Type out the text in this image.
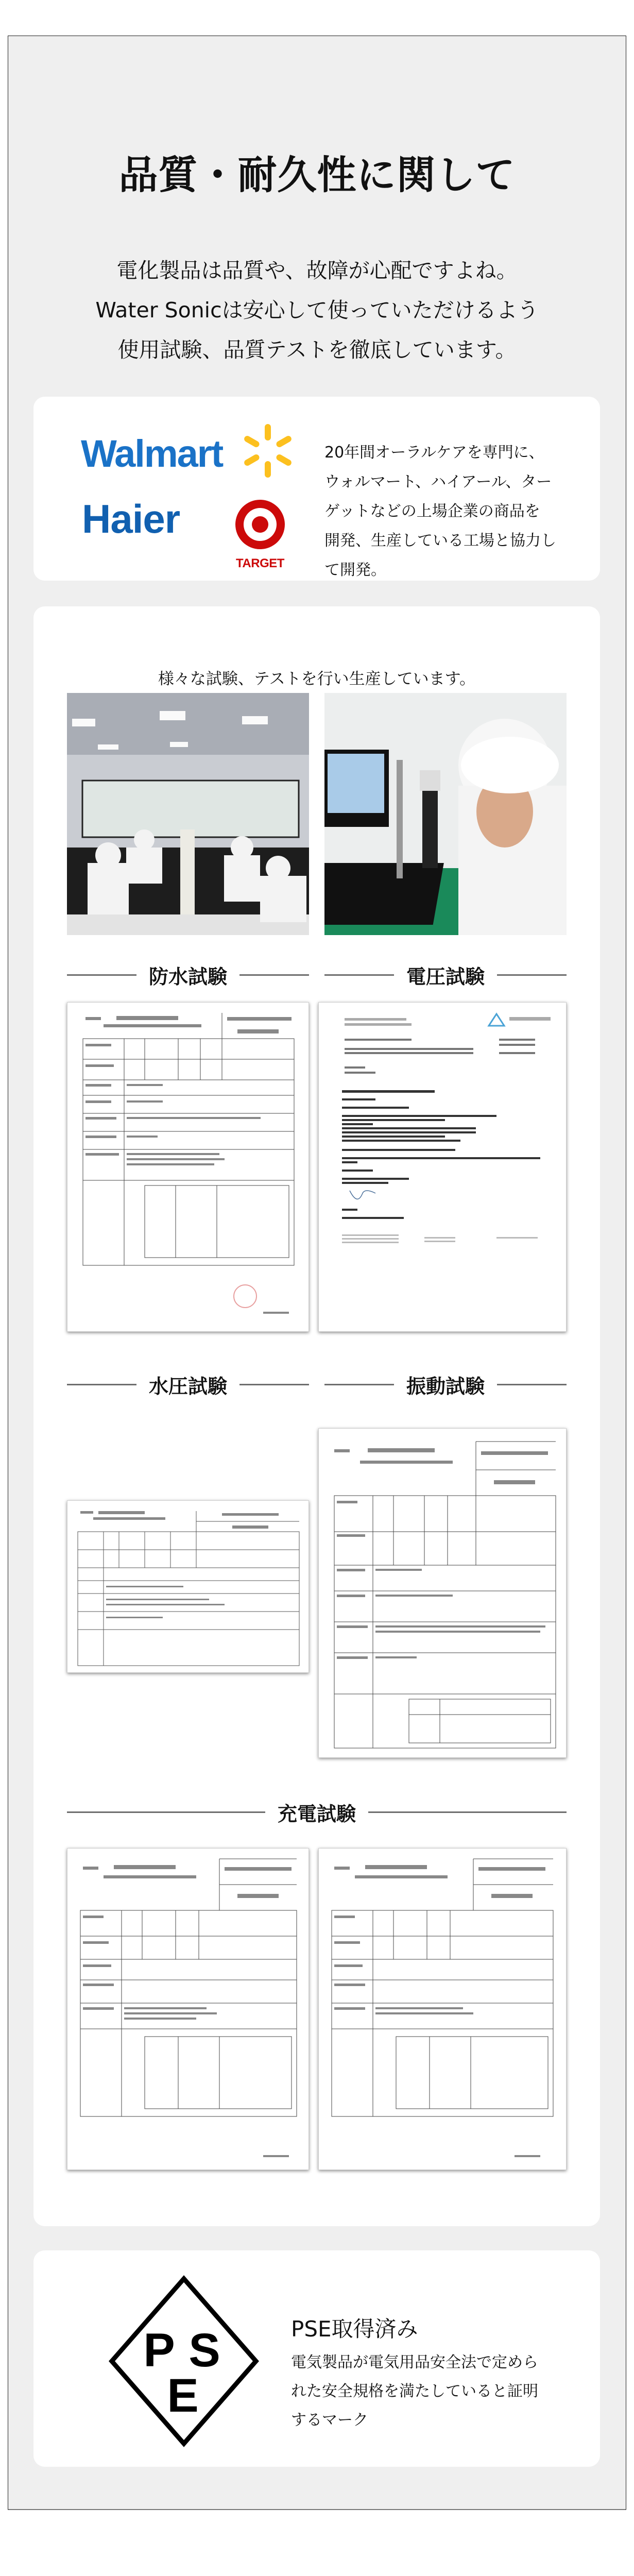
品質・耐久性に関して
電化製品は品質や、故障が心配ですよね。
Water Sonicは安心して使っていただけるよう
使用試験、品質テストを徹底しています。
Walmart
Haier
TARGET
20年間オーラルケアを専門に、
ウォルマート、ハイアール、ター
ゲットなどの上場企業の商品を
開発、生産している工場と協力し
て開発。
様々な試験、テストを行い生産しています。
防水試験	電圧試験
水圧試験	振動試験
充電試験
P S
E
PSE取得済み
電気製品が電気用品安全法で定めら
れた安全規格を満たしていると証明
するマーク
